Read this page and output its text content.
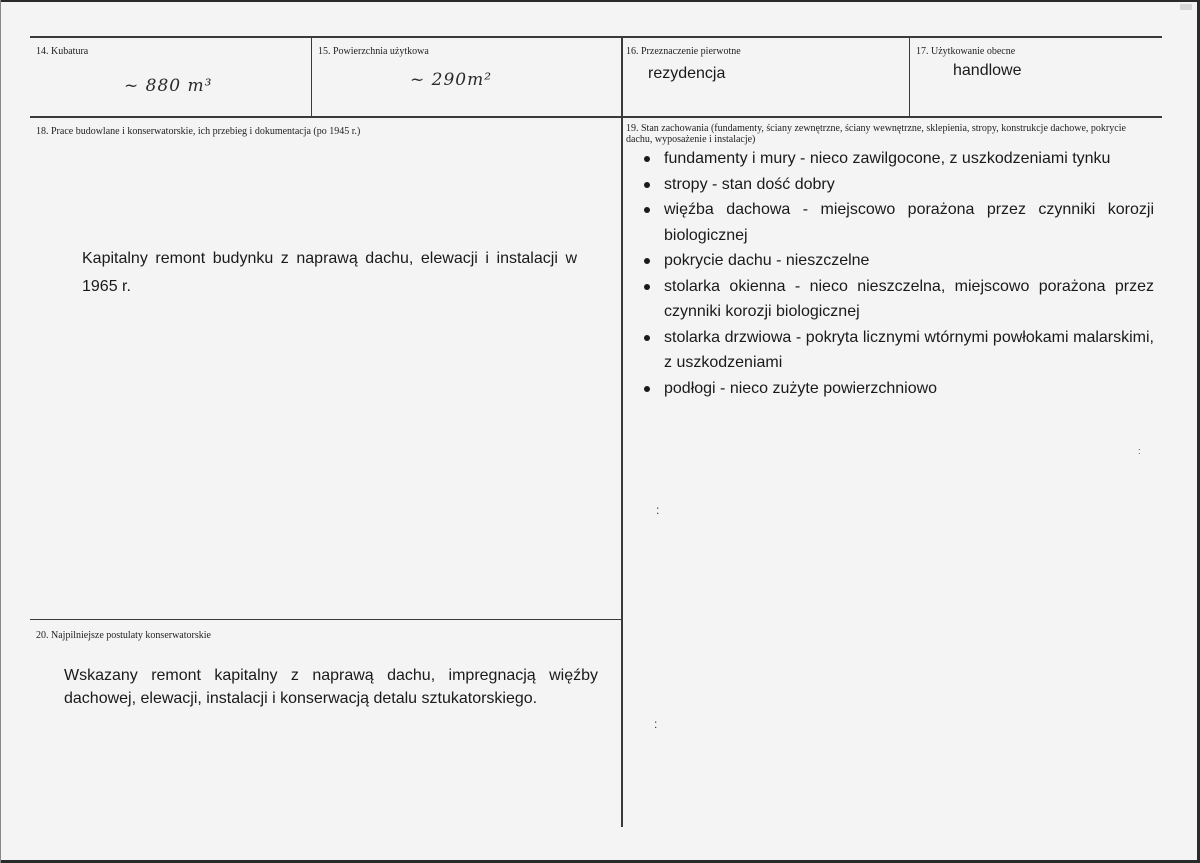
14. Kubatura
~ 880 m³
15. Powierzchnia użytkowa
~ 290m²
16. Przeznaczenie pierwotne
rezydencja
17. Użytkowanie obecne
handlowe
18. Prace budowlane i konserwatorskie, ich przebieg i dokumentacja (po 1945 r.)
Kapitalny remont budynku z naprawą dachu, elewacji i instalacji w 1965 r.
19. Stan zachowania (fundamenty, ściany zewnętrzne, ściany wewnętrzne, sklepienia, stropy, konstrukcje dachowe, pokrycie dachu, wyposażenie i instalacje)
fundamenty i mury - nieco zawilgocone, z uszkodzeniami tynku
stropy - stan dość dobry
więźba dachowa - miejscowo porażona przez czynniki korozji biologicznej
pokrycie dachu - nieszczelne
stolarka okienna - nieco nieszczelna, miejscowo porażona przez czynniki korozji biologicznej
stolarka drzwiowa - pokryta licznymi wtórnymi powłokami malarskimi, z uszkodzeniami
podłogi - nieco zużyte powierzchniowo
20. Najpilniejsze postulaty konserwatorskie
Wskazany remont kapitalny z naprawą dachu, impregnacją więźby dachowej, elewacji, instalacji i konserwacją detalu sztukatorskiego.
:
:
:
